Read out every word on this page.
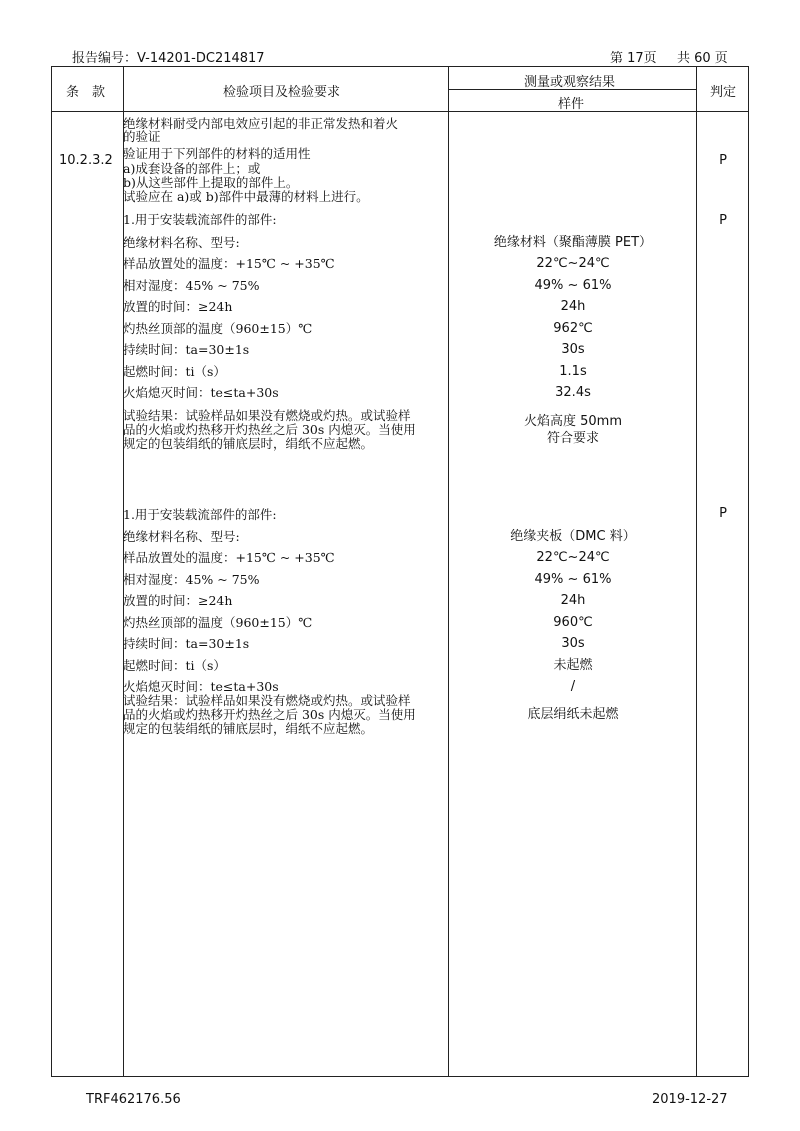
报告编号：V-14201-DC214817	第 17页 共 60 页
条　款	检验项目及检验要求
测量或观察结果
样件
判定
10.2.3.2
绝缘材料耐受内部电效应引起的非正常发热和着火
的验证
验证用于下列部件的材料的适用性
a)成套设备的部件上；或
b)从这些部件上提取的部件上。
试验应在 a)或 b)部件中最薄的材料上进行。
P
1.用于安装载流部件的部件:	P
绝缘材料名称、型号:	绝缘材料（聚酯薄膜 PET）
样品放置处的温度：+15℃ ~ +35℃	22℃~24℃
相对湿度：45% ~ 75%	49% ~ 61%
放置的时间：≥24h	24h
灼热丝顶部的温度（960±15）℃	962℃
持续时间：ta=30±1s	30s
起燃时间：ti（s）	1.1s
火焰熄灭时间：te≤ta+30s	32.4s
试验结果：试验样品如果没有燃烧或灼热。或试验样
品的火焰或灼热移开灼热丝之后 30s 内熄灭。当使用
规定的包装绢纸的铺底层时，绢纸不应起燃。
火焰高度 50mm
符合要求
1.用于安装载流部件的部件:	P
绝缘材料名称、型号:	绝缘夹板（DMC 料）
样品放置处的温度：+15℃ ~ +35℃	22℃~24℃
相对湿度：45% ~ 75%	49% ~ 61%
放置的时间：≥24h	24h
灼热丝顶部的温度（960±15）℃	960℃
持续时间：ta=30±1s	30s
起燃时间：ti（s）	未起燃
火焰熄灭时间：te≤ta+30s	/
试验结果：试验样品如果没有燃烧或灼热。或试验样
品的火焰或灼热移开灼热丝之后 30s 内熄灭。当使用
规定的包装绢纸的铺底层时，绢纸不应起燃。
底层绢纸未起燃
TRF462176.56	2019-12-27
